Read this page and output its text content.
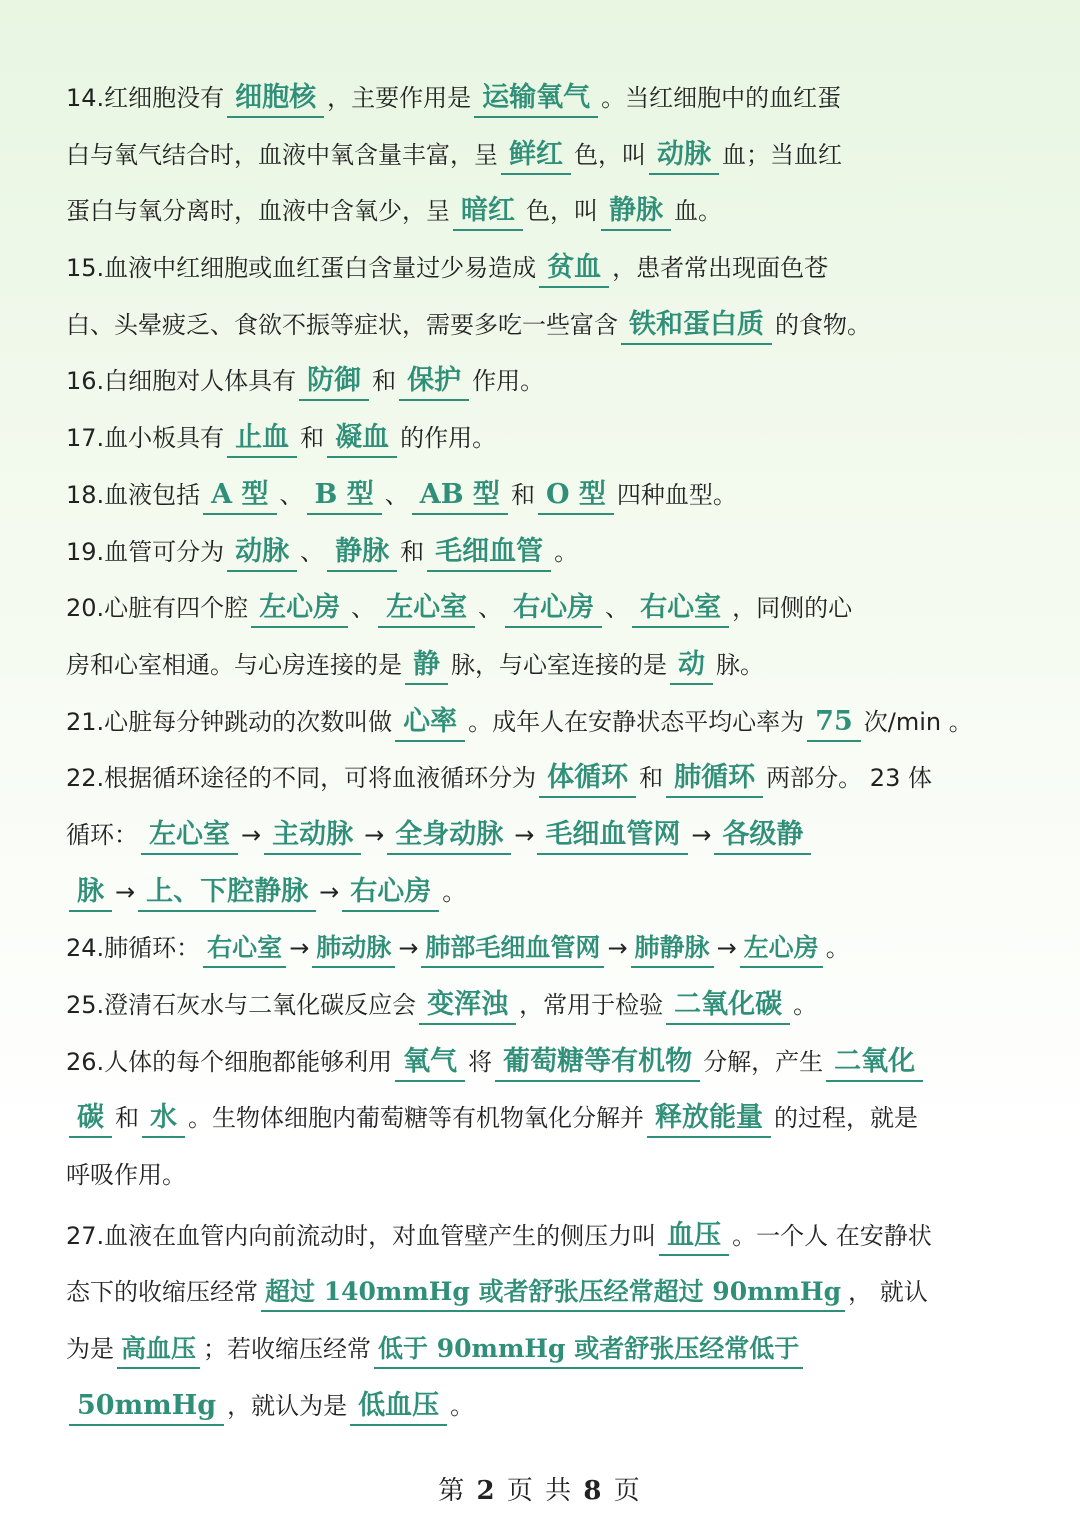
14.红细胞没有 细胞核 ，主要作用是 运输氧气 。当红细胞中的血红蛋
白与氧气结合时，血液中氧含量丰富，呈 鲜红 色，叫 动脉 血；当血红
蛋白与氧分离时，血液中含氧少，呈 暗红 色，叫 静脉 血。
15.血液中红细胞或血红蛋白含量过少易造成 贫血 ，患者常出现面色苍
白、头晕疲乏、食欲不振等症状，需要多吃一些富含 铁和蛋白质 的食物。
16.白细胞对人体具有 防御 和 保护 作用。
17.血小板具有 止血 和 凝血 的作用。
18.血液包括 A 型 、 B 型 、 AB 型 和 O 型 四种血型。
19.血管可分为 动脉 、 静脉 和 毛细血管 。
20.心脏有四个腔 左心房 、 左心室 、 右心房 、 右心室 ，同侧的心
房和心室相通。与心房连接的是 静 脉，与心室连接的是 动 脉。
21.心脏每分钟跳动的次数叫做 心率 。成年人在安静状态平均心率为 75 次/min 。
22.根据循环途径的不同，可将血液循环分为 体循环 和 肺循环 两部分。 23 体
循环： 左心室 → 主动脉 → 全身动脉 → 毛细血管网 → 各级静
脉 → 上、下腔静脉 → 右心房 。
24.肺循环： 右心室 → 肺动脉 → 肺部毛细血管网 → 肺静脉 → 左心房 。
25.澄清石灰水与二氧化碳反应会 变浑浊 ，常用于检验 二氧化碳 。
26.人体的每个细胞都能够利用 氧气 将 葡萄糖等有机物 分解，产生 二氧化
碳 和 水 。生物体细胞内葡萄糖等有机物氧化分解并 释放能量 的过程，就是
呼吸作用。
27.血液在血管内向前流动时，对血管壁产生的侧压力叫 血压 。一个人 在安静状
态下的收缩压经常 超过 140mmHg 或者舒张压经常超过 90mmHg ， 就认
为是 高血压 ；若收缩压经常 低于 90mmHg 或者舒张压经常低于
50mmHg ，就认为是 低血压 。
第 2 页 共 8 页
